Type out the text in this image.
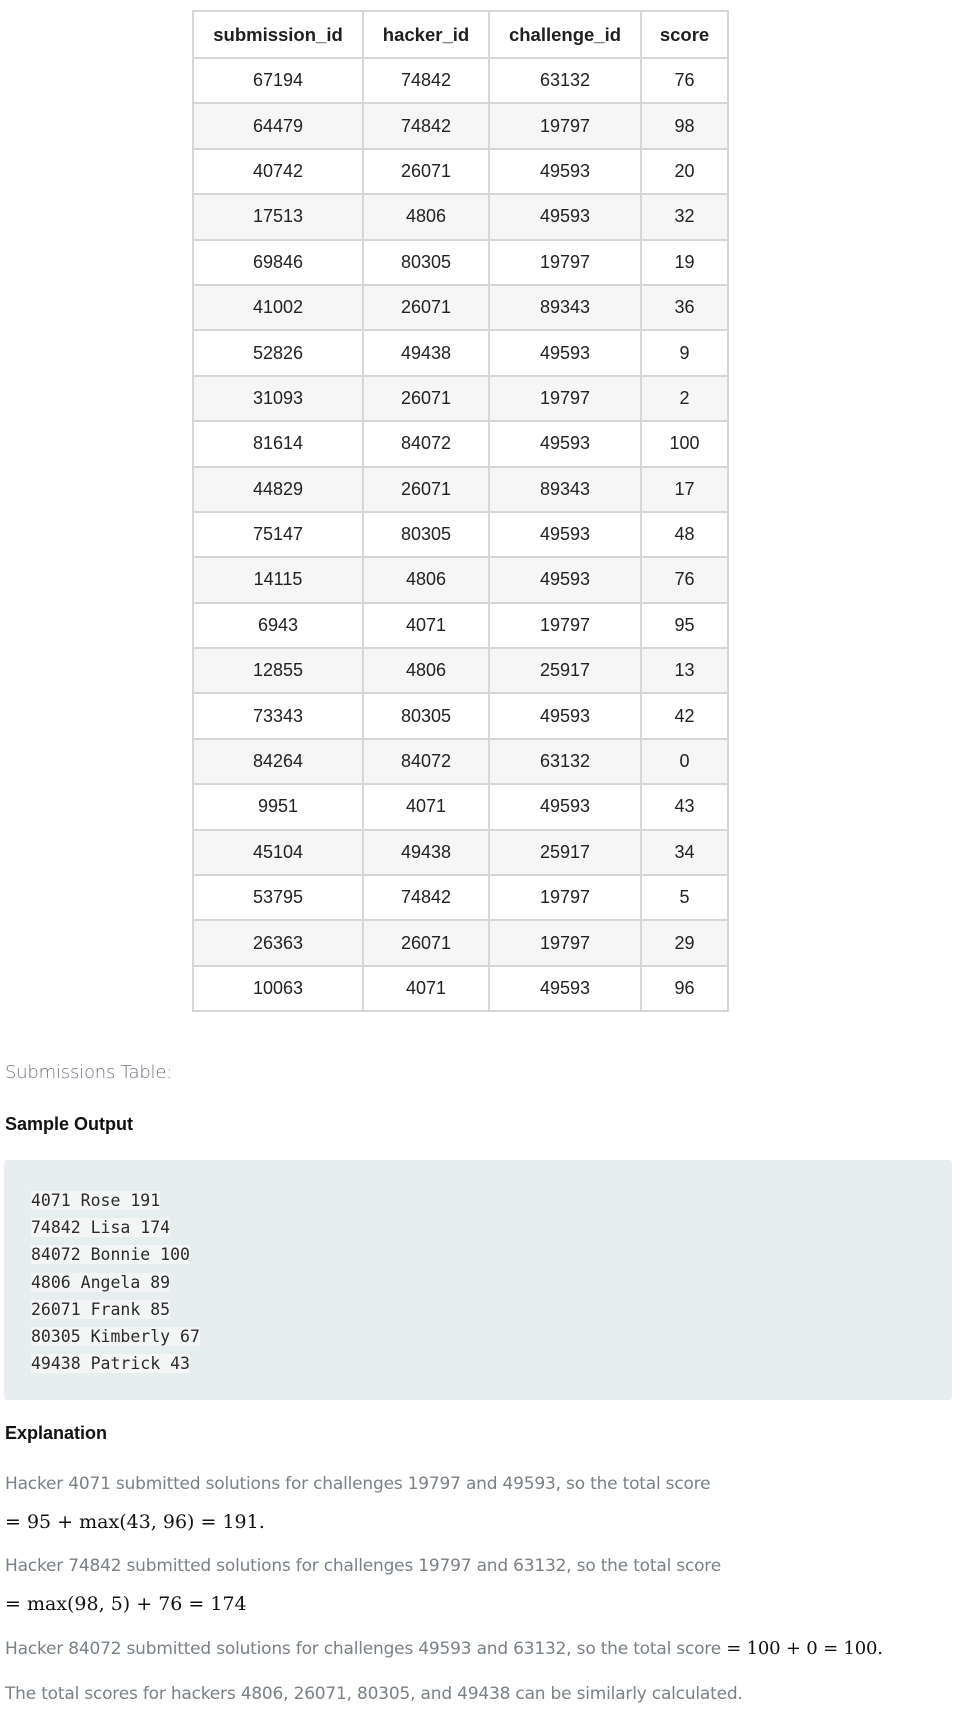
submission_id	hacker_id	challenge_id	score
67194	74842	63132	76
64479	74842	19797	98
40742	26071	49593	20
17513	4806	49593	32
69846	80305	19797	19
41002	26071	89343	36
52826	49438	49593	9
31093	26071	19797	2
81614	84072	49593	100
44829	26071	89343	17
75147	80305	49593	48
14115	4806	49593	76
6943	4071	19797	95
12855	4806	25917	13
73343	80305	49593	42
84264	84072	63132	0
9951	4071	49593	43
45104	49438	25917	34
53795	74842	19797	5
26363	26071	19797	29
10063	4071	49593	96
Submissions Table:
Sample Output
4071 Rose 191
74842 Lisa 174
84072 Bonnie 100
4806 Angela 89
26071 Frank 85
80305 Kimberly 67
49438 Patrick 43
Explanation
Hacker 4071 submitted solutions for challenges 19797 and 49593, so the total score
= 95 + max(43, 96) = 191.
Hacker 74842 submitted solutions for challenges 19797 and 63132, so the total score
= max(98, 5) + 76 = 174
Hacker 84072 submitted solutions for challenges 49593 and 63132, so the total score = 100 + 0 = 100.
The total scores for hackers 4806, 26071, 80305, and 49438 can be similarly calculated.
